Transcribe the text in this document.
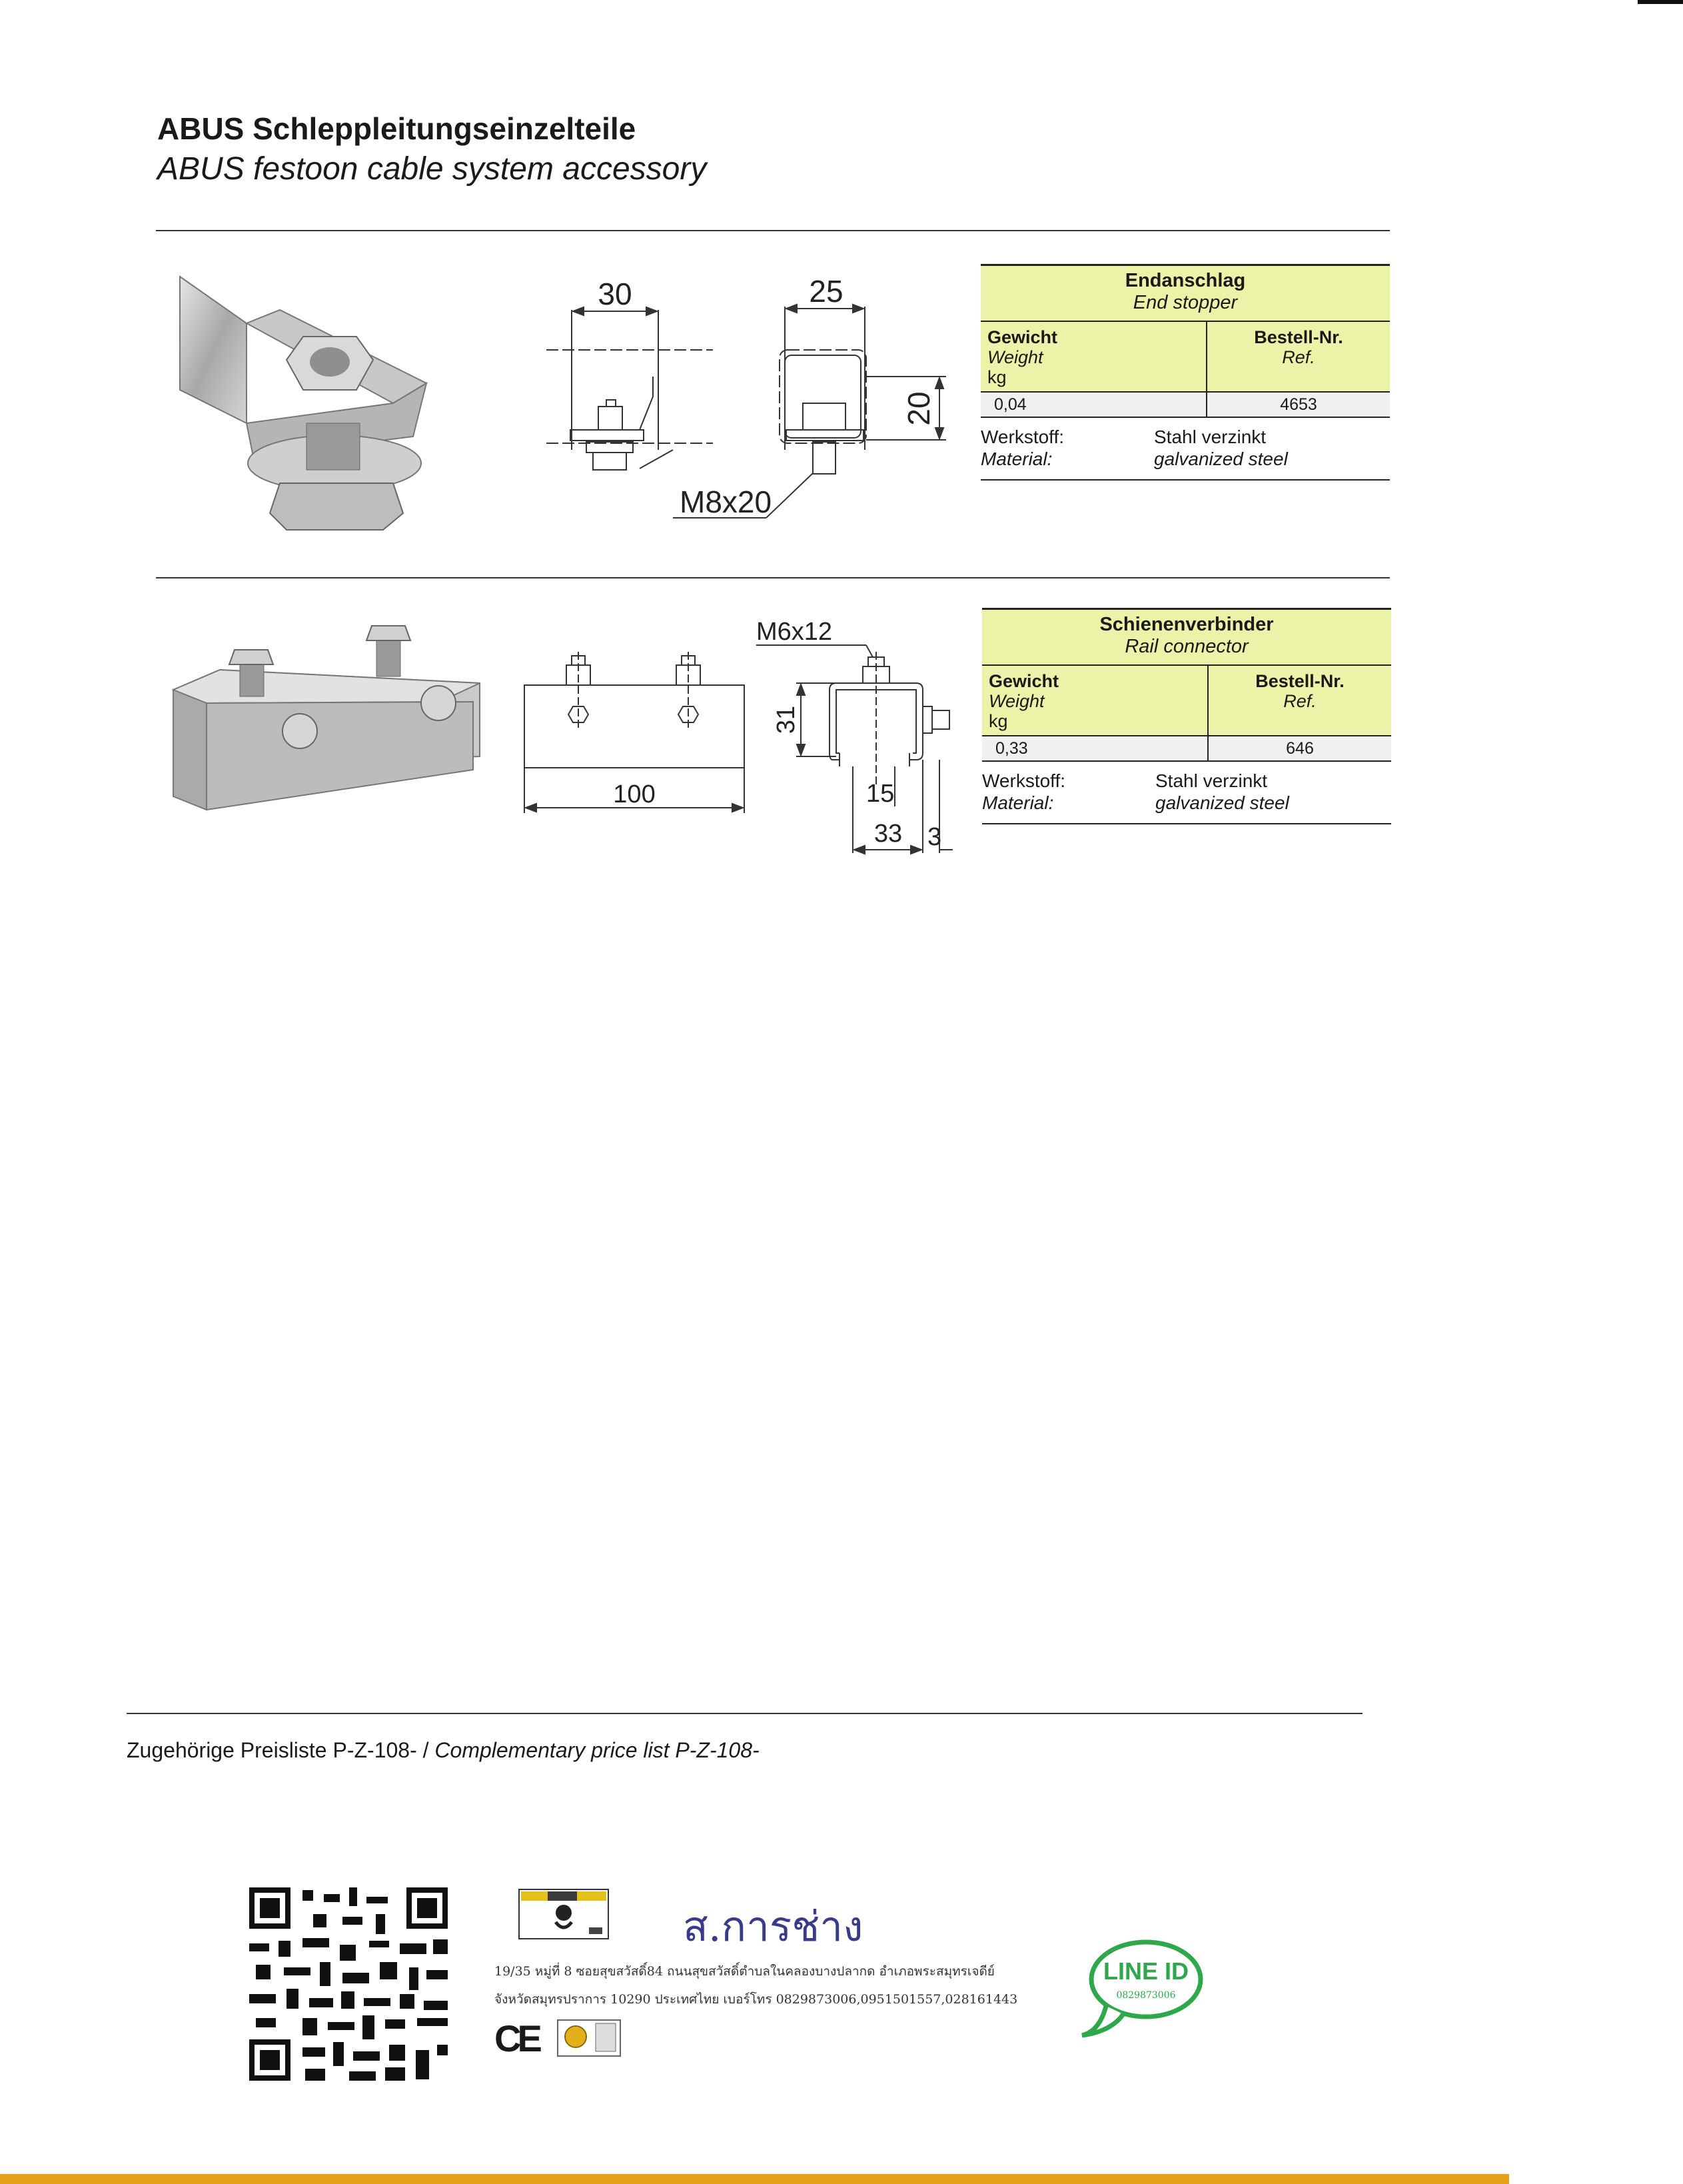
ABUS Schleppleitungseinzelteile
ABUS festoon cable system accessory
30	25
20
M8x20
Endanschlag
End stopper
Gewicht
Weight
kg
Bestell-Nr.
Ref.
0,04	4653
Werkstoff:
Material:
Stahl verzinkt
galvanized steel
M6x12
100
31
15
33 3
Schienenverbinder
Rail connector
Gewicht
Weight
kg
Bestell-Nr.
Ref.
0,33	646
Werkstoff:
Material:
Stahl verzinkt
galvanized steel
Zugehörige Preisliste P-Z-108- / Complementary price list P-Z-108-
ส.การช่าง
19/35 หมู่ที่ 8 ซอยสุขสวัสดิ์84 ถนนสุขสวัสดิ์ตำบลในคลองบางปลากด อำเภอพระสมุทรเจดีย์
จังหวัดสมุทรปราการ 10290 ประเทศไทย เบอร์โทร 0829873006,0951501557,028161443
CE
LINE ID
0829873006
